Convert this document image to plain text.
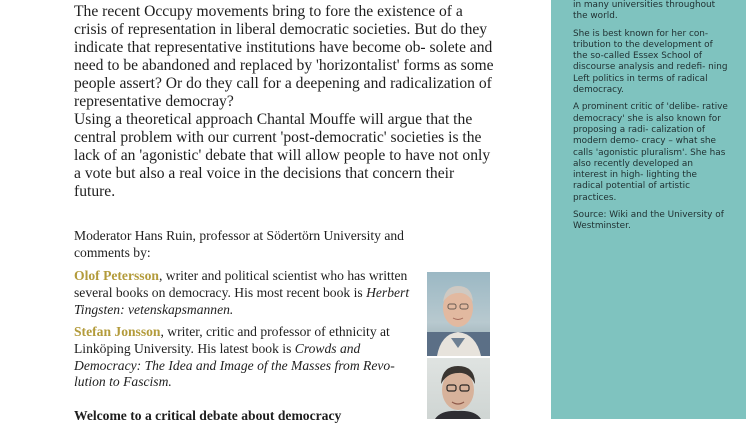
The recent Occupy movements bring to fore the existence of a crisis of representation in liberal democratic societies. But do they indicate that representative institutions have become ob- solete and need to be abandoned and replaced by 'horizontalist' forms as some people assert? Or do they call for a deepening and radicalization of representative democray?

Using a theoretical approach Chantal Mouffe will argue that the central problem with our current 'post-democratic' societies is the lack of an 'agonistic' debate that will allow people to have not only a vote but also a real voice in the decisions that concern their future.

Moderator Hans Ruin, professor at Södertörn University and comments by:

Olof Petersson, writer and political scientist who has written several books on democracy. His most recent book is Herbert Tingsten: vetenskapsmannen.

Stefan Jonsson, writer, critic and professor of ethnicity at Linköping University. His latest book is Crowds and Democracy: The Idea and Image of the Masses from Revo- lution to Fascism.

Welcome to a critical debate about democracy

in many universities throughout the world.

She is best known for her con- tribution to the development of the so-called Essex School of discourse analysis and redefi- ning Left politics in terms of radical democracy.

A prominent critic of 'delibe- rative democracy' she is also known for proposing a radi- calization of modern demo- cracy – what she calls 'agonistic pluralism'. She has also recently developed an interest in high- lighting the radical potential of artistic practices.

Source: Wiki and the University of Westminster.
